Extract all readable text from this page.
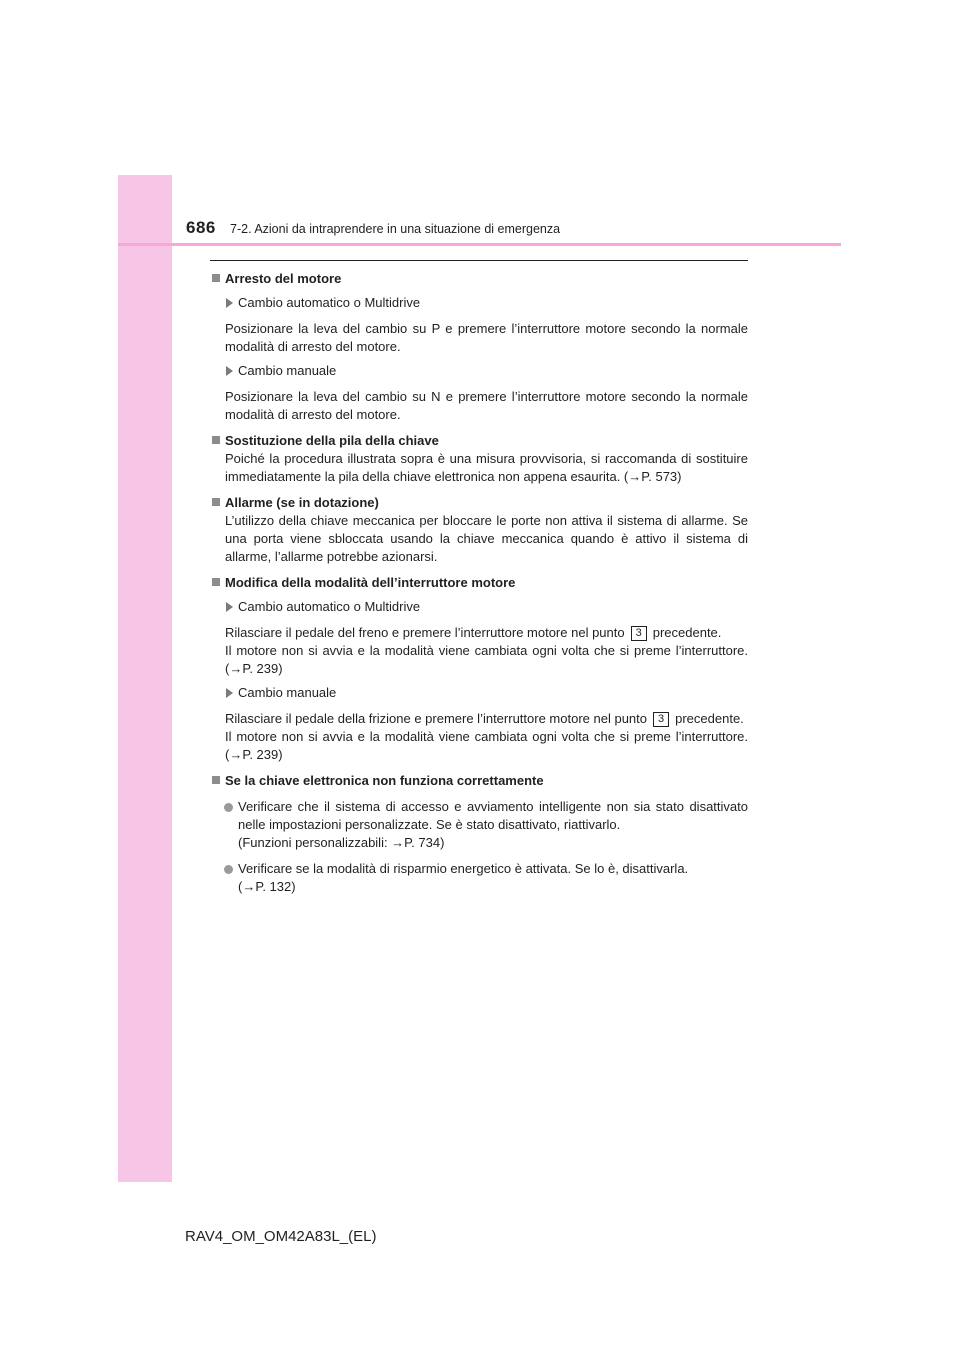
686 7-2. Azioni da intraprendere in una situazione di emergenza
Arresto del motore
Cambio automatico o Multidrive
Posizionare la leva del cambio su P e premere l’interruttore motore secondo la normale modalità di arresto del motore.
Cambio manuale
Posizionare la leva del cambio su N e premere l’interruttore motore secondo la normale modalità di arresto del motore.
Sostituzione della pila della chiave
Poiché la procedura illustrata sopra è una misura provvisoria, si raccomanda di sostituire immediatamente la pila della chiave elettronica non appena esaurita. (→P. 573)
Allarme (se in dotazione)
L’utilizzo della chiave meccanica per bloccare le porte non attiva il sistema di allarme. Se una porta viene sbloccata usando la chiave meccanica quando è attivo il sistema di allarme, l’allarme potrebbe azionarsi.
Modifica della modalità dell’interruttore motore
Cambio automatico o Multidrive
Rilasciare il pedale del freno e premere l’interruttore motore nel punto 3 precedente.
Il motore non si avvia e la modalità viene cambiata ogni volta che si preme l’interruttore. (→P. 239)
Cambio manuale
Rilasciare il pedale della frizione e premere l’interruttore motore nel punto 3 precedente.
Il motore non si avvia e la modalità viene cambiata ogni volta che si preme l’interruttore. (→P. 239)
Se la chiave elettronica non funziona correttamente
Verificare che il sistema di accesso e avviamento intelligente non sia stato disattivato nelle impostazioni personalizzate. Se è stato disattivato, riattivarlo.
(Funzioni personalizzabili: →P. 734)
Verificare se la modalità di risparmio energetico è attivata. Se lo è, disattivarla.
(→P. 132)
RAV4_OM_OM42A83L_(EL)
